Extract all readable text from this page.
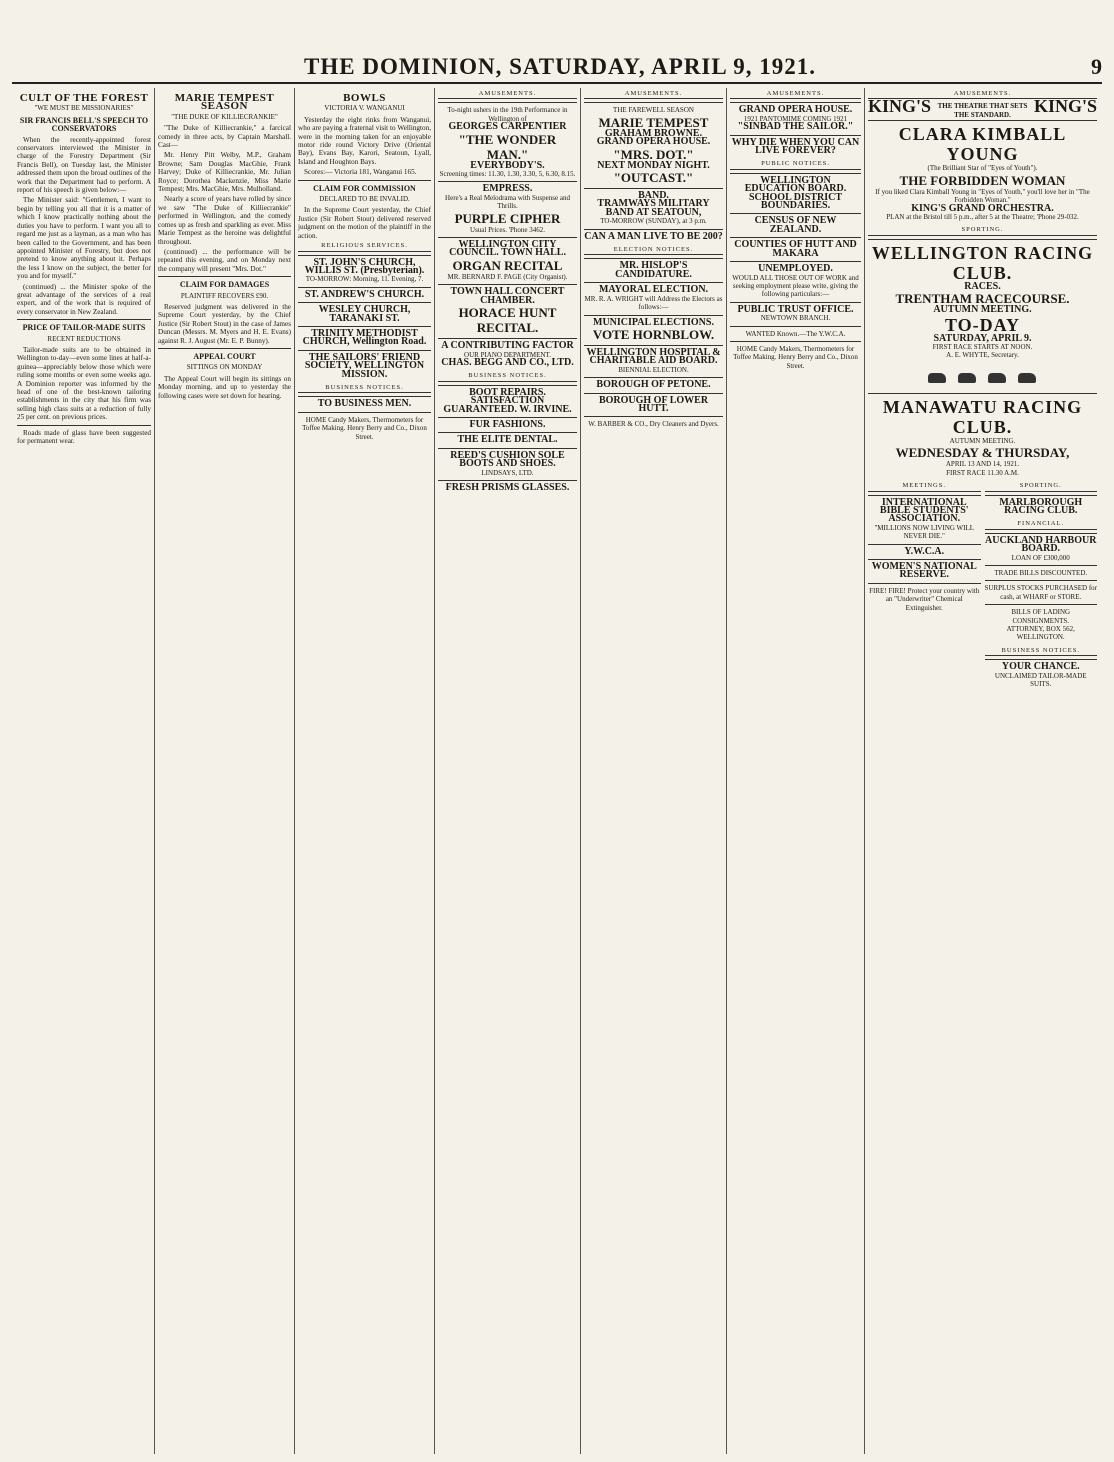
THE DOMINION, SATURDAY, APRIL 9, 1921.	9
CULT OF THE FOREST
"WE MUST BE MISSIONARIES"
SIR FRANCIS BELL'S SPEECH TO CONSERVATORS

When the recently-appointed forest conservators interviewed the Minister in charge of the Forestry Department (Sir Francis Bell), on Tuesday last, the Minister addressed them upon the broad outlines of the work that the Department had to perform. A report of his speech is given below:—

The Minister said: "Gentlemen, I want to begin by telling you all that it is a matter of which I know practically nothing about the duties you have to perform. I want you all to regard me just as a layman, as a man who has been called to the Government, and has been appointed Minister of Forestry, but does not pretend to know anything about it. Perhaps the less I know on the subject, the better for you and for myself."

(continued) ... the Minister spoke of the great advantage of the services of a real expert, and of the work that is required of every conservator in New Zealand.

PRICE OF TAILOR-MADE SUITS
RECENT REDUCTIONS

Tailor-made suits are to be obtained in Wellington to-day—even some lines at half-a-guinea—appreciably below those which were ruling some months or even some weeks ago. A Dominion reporter was informed by the head of one of the best-known tailoring establishments in the city that his firm was selling high class suits at a reduction of fully 25 per cent. on previous prices.

Roads made of glass have been suggested for permanent wear.

MARIE TEMPEST SEASON
"THE DUKE OF KILLIECRANKIE"

"The Duke of Killiecrankie," a farcical comedy in three acts, by Captain Marshall. Cast—

Mr. Henry Pitt Welby, M.P., Graham Browne; Sam Douglas MacGhie, Frank Harvey; Duke of Killiecrankie, Mr. Julian Royce; Dorothea Mackenzie, Miss Marie Tempest; Mrs. MacGhie, Mrs. Mulholland.

Nearly a score of years have rolled by since we saw "The Duke of Killiecrankie" performed in Wellington, and the comedy comes up as fresh and sparkling as ever. Miss Marie Tempest as the heroine was delightful throughout.

(continued) ... the performance will be repeated this evening, and on Monday next the company will present "Mrs. Dot."

CLAIM FOR DAMAGES
PLAINTIFF RECOVERS £90.

Reserved judgment was delivered in the Supreme Court yesterday, by the Chief Justice (Sir Robert Stout) in the case of James Duncan (Messrs. M. Myers and H. E. Evans) against R. J. August (Mr. E. P. Bunny).

APPEAL COURT
SITTINGS ON MONDAY

The Appeal Court will begin its sittings on Monday morning, and up to yesterday the following cases were set down for hearing.

BOWLS
VICTORIA V. WANGANUI

Yesterday the eight rinks from Wanganui, who are paying a fraternal visit to Wellington, were in the morning taken for an enjoyable motor ride round Victory Drive (Oriental Bay), Evans Bay, Karori, Seatoun, Lyall, Island and Houghton Bays.

Scores:— Victoria 181, Wanganui 165.

CLAIM FOR COMMISSION
DECLARED TO BE INVALID.

In the Supreme Court yesterday, the Chief Justice (Sir Robert Stout) delivered reserved judgment on the motion of the plaintiff in the action.

RELIGIOUS SERVICES.
ST. JOHN'S CHURCH, WILLIS ST. (Presbyterian).
TO-MORROW: Morning, 11. Evening, 7.
ST. ANDREW'S CHURCH.
WESLEY CHURCH, TARANAKI ST.
TRINITY METHODIST CHURCH, Wellington Road.
THE SAILORS' FRIEND SOCIETY, WELLINGTON MISSION.
BUSINESS NOTICES.
TO BUSINESS MEN.
HOME Candy Makers, Thermometers for Toffee Making. Henry Berry and Co., Dixon Street.
AMUSEMENTS.
To-night ushers in the 19th Performance in Wellington of
GEORGES CARPENTIER
"THE WONDER MAN."
EVERYBODY'S.
Screening times: 11.30, 1.30, 3.30, 5, 6.30, 8.15.
EMPRESS.
Here's a Real Melodrama with Suspense and Thrills.
PURPLE CIPHER
Usual Prices. 'Phone 3462.
WELLINGTON CITY COUNCIL. TOWN HALL.
ORGAN RECITAL
MR. BERNARD F. PAGE (City Organist).
TOWN HALL CONCERT CHAMBER.
HORACE HUNT RECITAL.
A CONTRIBUTING FACTOR
OUR PIANO DEPARTMENT.
CHAS. BEGG AND CO., LTD.
BUSINESS NOTICES.
BOOT REPAIRS. SATISFACTION GUARANTEED. W. IRVINE.
FUR FASHIONS.
THE ELITE DENTAL.
REED'S CUSHION SOLE BOOTS AND SHOES.
LINDSAYS, LTD.
FRESH PRISMS GLASSES.
AMUSEMENTS.
THE FAREWELL SEASON
MARIE TEMPEST
GRAHAM BROWNE.
GRAND OPERA HOUSE.
"MRS. DOT."
NEXT MONDAY NIGHT.
"OUTCAST."
BAND.
TRAMWAYS MILITARY BAND AT SEATOUN,
TO-MORROW (SUNDAY), at 3 p.m.
CAN A MAN LIVE TO BE 200?
ELECTION NOTICES.
MR. HISLOP'S CANDIDATURE.
MAYORAL ELECTION.
MR. R. A. WRIGHT will Address the Electors as follows:—
MUNICIPAL ELECTIONS.
VOTE HORNBLOW.
WELLINGTON HOSPITAL & CHARITABLE AID BOARD.
BIENNIAL ELECTION.
BOROUGH OF PETONE.
BOROUGH OF LOWER HUTT.
W. BARBER & CO., Dry Cleaners and Dyers.
AMUSEMENTS.
GRAND OPERA HOUSE.
1921 PANTOMIME COMING 1921
"SINBAD THE SAILOR."
WHY DIE WHEN YOU CAN LIVE FOREVER?
PUBLIC NOTICES.
WELLINGTON EDUCATION BOARD. SCHOOL DISTRICT BOUNDARIES.
CENSUS OF NEW ZEALAND.
COUNTIES OF HUTT AND MAKARA
UNEMPLOYED.
WOULD ALL THOSE OUT OF WORK and seeking employment please write, giving the following particulars:—
PUBLIC TRUST OFFICE.
NEWTOWN BRANCH.
WANTED Known.—The Y.W.C.A.
HOME Candy Makers, Thermometers for Toffee Making. Henry Berry and Co., Dixon Street.
AMUSEMENTS.
KING'S THE THEATRE THAT SETS THE STANDARD.	KING'S
CLARA KIMBALL YOUNG
(The Brilliant Star of "Eyes of Youth").
THE FORBIDDEN WOMAN
If you liked Clara Kimball Young in "Eyes of Youth," you'll love her in "The Forbidden Woman."
KING'S GRAND ORCHESTRA.
PLAN at the Bristol till 5 p.m., after 5 at the Theatre; 'Phone 29-032.
SPORTING.
WELLINGTON RACING CLUB.
RACES.
TRENTHAM RACECOURSE.
AUTUMN MEETING.
TO-DAY
SATURDAY, APRIL 9.
FIRST RACE STARTS AT NOON.
A. E. WHYTE, Secretary.
MANAWATU RACING CLUB.
AUTUMN MEETING.
WEDNESDAY & THURSDAY,
APRIL 13 AND 14, 1921.
FIRST RACE 11.30 A.M.
MEETINGS.
INTERNATIONAL BIBLE STUDENTS' ASSOCIATION.
"MILLIONS NOW LIVING WILL NEVER DIE."
Y.W.C.A.
WOMEN'S NATIONAL RESERVE.
FIRE! FIRE! Protect your country with an "Underwriter" Chemical Extinguisher.
SPORTING.
MARLBOROUGH RACING CLUB.
FINANCIAL.
AUCKLAND HARBOUR BOARD.
LOAN OF £300,000
TRADE BILLS DISCOUNTED.
SURPLUS STOCKS PURCHASED for cash, at WHARF or STORE.
BILLS OF LADING CONSIGNMENTS.
ATTORNEY, BOX 562, WELLINGTON.
BUSINESS NOTICES.
YOUR CHANCE.
UNCLAIMED TAILOR-MADE SUITS.
